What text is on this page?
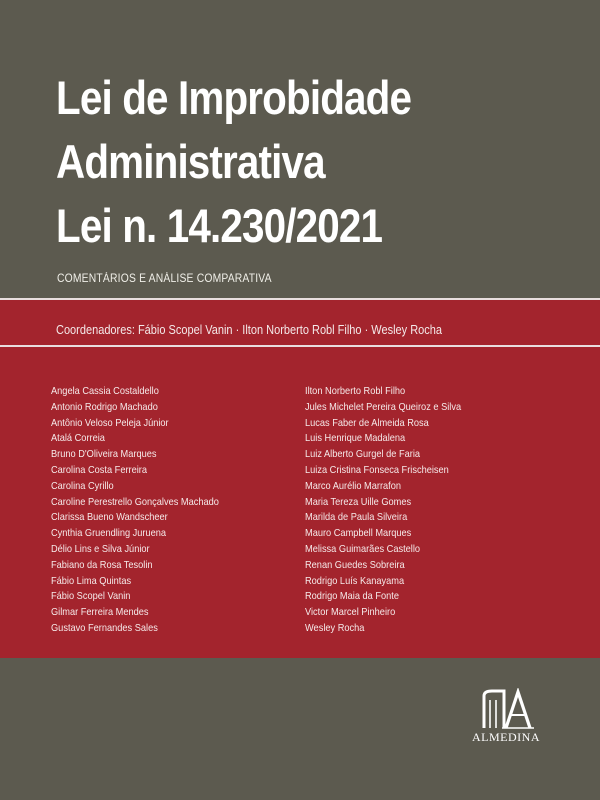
Lei de Improbidade
Administrativa
Lei n. 14.230/2021
COMENTÁRIOS E ANÁLISE COMPARATIVA
Coordenadores: Fábio Scopel Vanin · Ilton Norberto Robl Filho · Wesley Rocha
Angela Cassia Costaldello
Antonio Rodrigo Machado
Antônio Veloso Peleja Júnior
Atalá Correia
Bruno D'Oliveira Marques
Carolina Costa Ferreira
Carolina Cyrillo
Caroline Perestrello Gonçalves Machado
Clarissa Bueno Wandscheer
Cynthia Gruendling Juruena
Délio Lins e Silva Júnior
Fabiano da Rosa Tesolin
Fábio Lima Quintas
Fábio Scopel Vanin
Gilmar Ferreira Mendes
Gustavo Fernandes Sales
Ilton Norberto Robl Filho
Jules Michelet Pereira Queiroz e Silva
Lucas Faber de Almeida Rosa
Luis Henrique Madalena
Luiz Alberto Gurgel de Faria
Luiza Cristina Fonseca Frischeisen
Marco Aurélio Marrafon
Maria Tereza Uille Gomes
Marilda de Paula Silveira
Mauro Campbell Marques
Melissa Guimarães Castello
Renan Guedes Sobreira
Rodrigo Luís Kanayama
Rodrigo Maia da Fonte
Victor Marcel Pinheiro
Wesley Rocha
ALMEDINA
